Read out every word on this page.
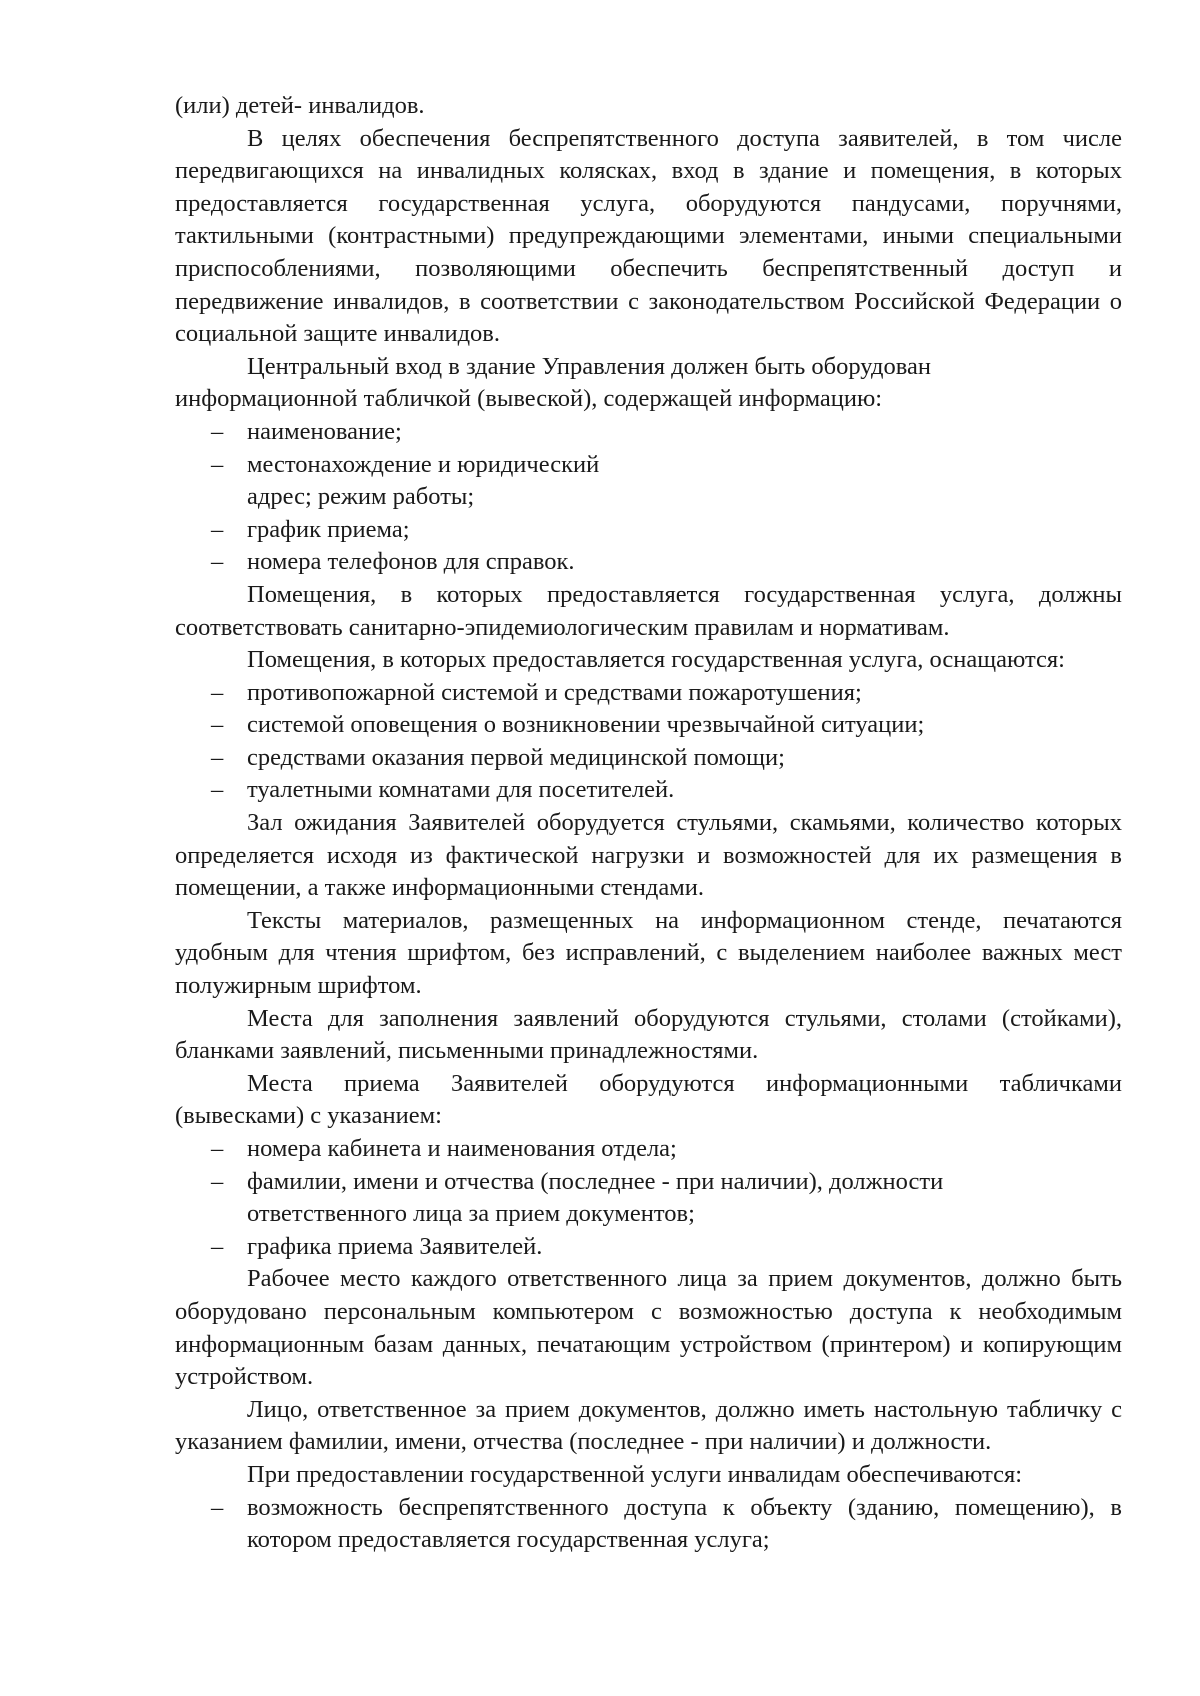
(или) детей- инвалидов.

В целях обеспечения беспрепятственного доступа заявителей, в том числе передвигающихся на инвалидных колясках, вход в здание и помещения, в которых предоставляется государственная услуга, оборудуются пандусами, поручнями, тактильными (контрастными) предупреждающими элементами, иными специальными приспособлениями, позволяющими обеспечить беспрепятственный доступ и передвижение инвалидов, в соответствии с законодательством Российской Федерации о социальной защите инвалидов.

Центральный вход в здание Управления должен быть оборудован
информационной табличкой (вывеской), содержащей информацию:

– наименование;
– местонахождение и юридический адрес; режим работы;
– график приема;
– номера телефонов для справок.

Помещения, в которых предоставляется государственная услуга, должны соответствовать санитарно-эпидемиологическим правилам и нормативам.

Помещения, в которых предоставляется государственная услуга, оснащаются:

– противопожарной системой и средствами пожаротушения;
– системой оповещения о возникновении чрезвычайной ситуации;
– средствами оказания первой медицинской помощи;
– туалетными комнатами для посетителей.

Зал ожидания Заявителей оборудуется стульями, скамьями, количество которых определяется исходя из фактической нагрузки и возможностей для их размещения в помещении, а также информационными стендами.

Тексты материалов, размещенных на информационном стенде, печатаются удобным для чтения шрифтом, без исправлений, с выделением наиболее важных мест полужирным шрифтом.

Места для заполнения заявлений оборудуются стульями, столами (стойками), бланками заявлений, письменными принадлежностями.

Места приема Заявителей оборудуются информационными табличками (вывесками) с указанием:

– номера кабинета и наименования отдела;
– фамилии, имени и отчества (последнее - при наличии), должности ответственного лица за прием документов;
– графика приема Заявителей.

Рабочее место каждого ответственного лица за прием документов, должно быть оборудовано персональным компьютером с возможностью доступа к необходимым информационным базам данных, печатающим устройством (принтером) и копирующим устройством.

Лицо, ответственное за прием документов, должно иметь настольную табличку с указанием фамилии, имени, отчества (последнее - при наличии) и должности.

При предоставлении государственной услуги инвалидам обеспечиваются:

– возможность беспрепятственного доступа к объекту (зданию, помещению), в котором предоставляется государственная услуга;
